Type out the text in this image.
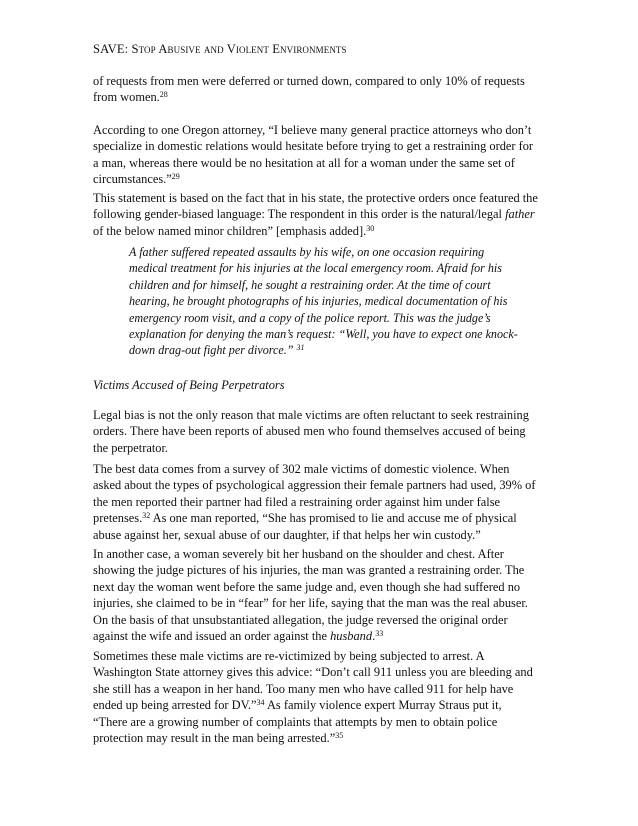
SAVE: Stop Abusive and Violent Environments
of requests from men were deferred or turned down, compared to only 10% of requests
from women.$^{28}$
According to one Oregon attorney, “I believe many general practice attorneys who don’t
specialize in domestic relations would hesitate before trying to get a restraining order for
a man, whereas there would be no hesitation at all for a woman under the same set of
circumstances.”$^{29}$
This statement is based on the fact that in his state, the protective orders once featured the
following gender-biased language: The respondent in this order is the natural/legal father
of the below named minor children” [emphasis added].$^{30}$
A father suffered repeated assaults by his wife, on one occasion requiring
medical treatment for his injuries at the local emergency room. Afraid for his
children and for himself, he sought a restraining order. At the time of court
hearing, he brought photographs of his injuries, medical documentation of his
emergency room visit, and a copy of the police report. This was the judge’s
explanation for denying the man’s request: “Well, you have to expect one knock-
down drag-out fight per divorce.” $^{31}$
Victims Accused of Being Perpetrators
Legal bias is not the only reason that male victims are often reluctant to seek restraining
orders. There have been reports of abused men who found themselves accused of being
the perpetrator.
The best data comes from a survey of 302 male victims of domestic violence. When
asked about the types of psychological aggression their female partners had used, 39% of
the men reported their partner had filed a restraining order against him under false
pretenses.$^{32}$ As one man reported, “She has promised to lie and accuse me of physical
abuse against her, sexual abuse of our daughter, if that helps her win custody.”
In another case, a woman severely bit her husband on the shoulder and chest. After
showing the judge pictures of his injuries, the man was granted a restraining order. The
next day the woman went before the same judge and, even though she had suffered no
injuries, she claimed to be in “fear” for her life, saying that the man was the real abuser.
On the basis of that unsubstantiated allegation, the judge reversed the original order
against the wife and issued an order against the husband.$^{33}$
Sometimes these male victims are re-victimized by being subjected to arrest. A
Washington State attorney gives this advice: “Don’t call 911 unless you are bleeding and
she still has a weapon in her hand. Too many men who have called 911 for help have
ended up being arrested for DV.”$^{34}$ As family violence expert Murray Straus put it,
“There are a growing number of complaints that attempts by men to obtain police
protection may result in the man being arrested.”$^{35}$
